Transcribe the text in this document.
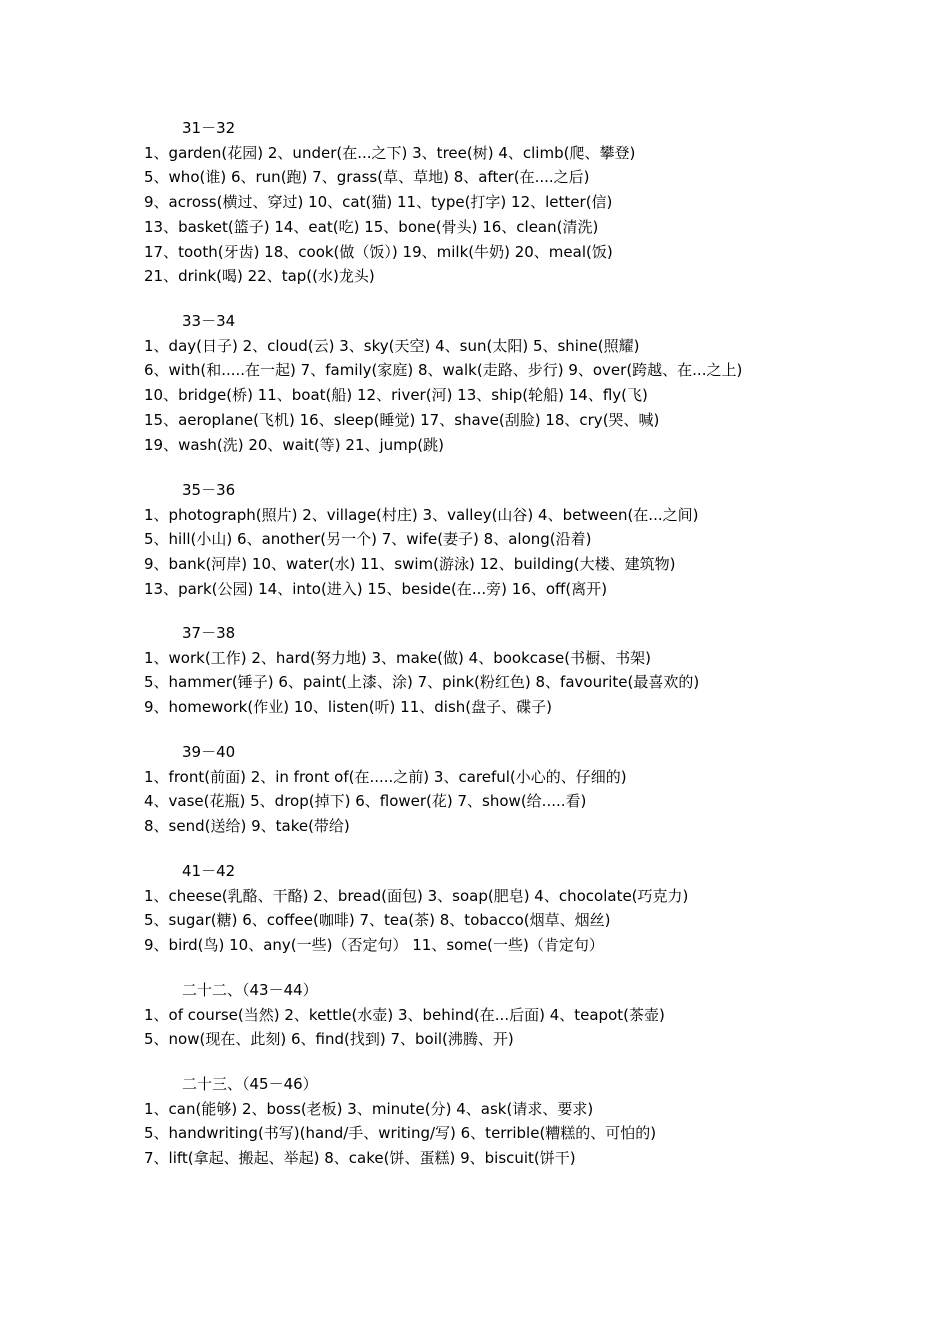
31－32
1、garden(花园) 2、under(在...之下) 3、tree(树) 4、climb(爬、攀登)
5、who(谁) 6、run(跑) 7、grass(草、草地) 8、after(在....之后)
9、across(横过、穿过) 10、cat(猫) 11、type(打字) 12、letter(信)
13、basket(篮子) 14、eat(吃) 15、bone(骨头) 16、clean(清洗)
17、tooth(牙齿) 18、cook(做（饭）) 19、milk(牛奶) 20、meal(饭)
21、drink(喝) 22、tap((水)龙头)
33－34
1、day(日子) 2、cloud(云) 3、sky(天空) 4、sun(太阳) 5、shine(照耀)
6、with(和.....在一起) 7、family(家庭) 8、walk(走路、步行) 9、over(跨越、在...之上)
10、bridge(桥) 11、boat(船) 12、river(河) 13、ship(轮船) 14、fly(飞)
15、aeroplane(飞机) 16、sleep(睡觉) 17、shave(刮脸) 18、cry(哭、喊)
19、wash(洗) 20、wait(等) 21、jump(跳)
35－36
1、photograph(照片) 2、village(村庄) 3、valley(山谷) 4、between(在...之间)
5、hill(小山) 6、another(另一个) 7、wife(妻子) 8、along(沿着)
9、bank(河岸) 10、water(水) 11、swim(游泳) 12、building(大楼、建筑物)
13、park(公园) 14、into(进入) 15、beside(在...旁) 16、off(离开)
37－38
1、work(工作) 2、hard(努力地) 3、make(做) 4、bookcase(书橱、书架)
5、hammer(锤子) 6、paint(上漆、涂) 7、pink(粉红色) 8、favourite(最喜欢的)
9、homework(作业) 10、listen(听) 11、dish(盘子、碟子)
39－40
1、front(前面) 2、in front of(在.....之前) 3、careful(小心的、仔细的)
4、vase(花瓶) 5、drop(掉下) 6、flower(花) 7、show(给.....看)
8、send(送给) 9、take(带给)
41－42
1、cheese(乳酪、干酪) 2、bread(面包) 3、soap(肥皂) 4、chocolate(巧克力)
5、sugar(糖) 6、coffee(咖啡) 7、tea(茶) 8、tobacco(烟草、烟丝)
9、bird(鸟) 10、any(一些)（否定句） 11、some(一些)（肯定句）
二十二、（43－44）
1、of course(当然) 2、kettle(水壶) 3、behind(在...后面) 4、teapot(茶壶)
5、now(现在、此刻) 6、find(找到) 7、boil(沸腾、开)
二十三、（45－46）
1、can(能够) 2、boss(老板) 3、minute(分) 4、ask(请求、要求)
5、handwriting(书写)(hand/手、writing/写) 6、terrible(糟糕的、可怕的)
7、lift(拿起、搬起、举起) 8、cake(饼、蛋糕) 9、biscuit(饼干)
